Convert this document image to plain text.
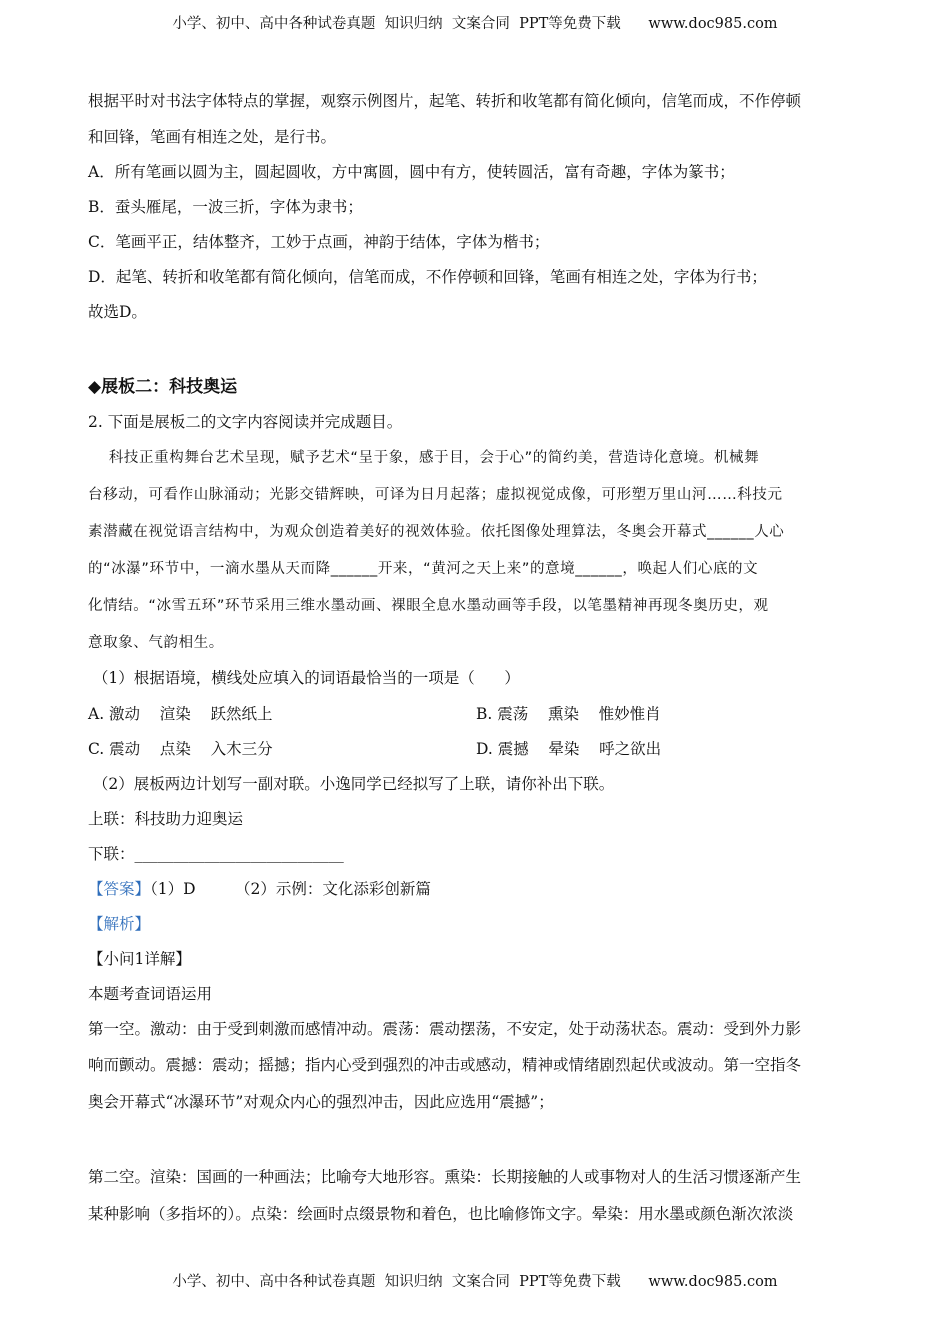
小学、初中、高中各种试卷真题  知识归纳  文案合同  PPT等免费下载      www.doc985.com
根据平时对书法字体特点的掌握，观察示例图片，起笔、转折和收笔都有简化倾向，信笔而成，不作停顿
和回锋，笔画有相连之处，是行书。
A．所有笔画以圆为主，圆起圆收，方中寓圆，圆中有方，使转圆活，富有奇趣，字体为篆书；
B．蚕头雁尾，一波三折，字体为隶书；
C．笔画平正，结体整齐，工妙于点画，神韵于结体，字体为楷书；
D．起笔、转折和收笔都有简化倾向，信笔而成，不作停顿和回锋，笔画有相连之处，字体为行书；
故选D。
◆展板二：科技奥运
2. 下面是展板二的文字内容阅读并完成题目。
科技正重构舞台艺术呈现，赋予艺术“呈于象，感于目，会于心”的简约美，营造诗化意境。机械舞
台移动，可看作山脉涌动；光影交错辉映，可译为日月起落；虚拟视觉成像，可形塑万里山河……科技元
素潜藏在视觉语言结构中，为观众创造着美好的视效体验。依托图像处理算法，冬奥会开幕式______人心
的“冰瀑”环节中，一滴水墨从天而降______开来，“黄河之天上来”的意境______，唤起人们心底的文
化情结。“冰雪五环”环节采用三维水墨动画、裸眼全息水墨动画等手段，以笔墨精神再现冬奥历史，观
意取象、气韵相生。
（1）根据语境，横线处应填入的词语最恰当的一项是（      ）
A. 激动    渲染    跃然纸上	B. 震荡    熏染    惟妙惟肖
C. 震动    点染    入木三分	D. 震撼    晕染    呼之欲出
（2）展板两边计划写一副对联。小逸同学已经拟写了上联，请你补出下联。
上联：科技助力迎奥运
下联：___________________________
【答案】（1）D        （2）示例：文化添彩创新篇
【解析】
【小问1详解】
本题考查词语运用
第一空。激动：由于受到刺激而感情冲动。震荡：震动摆荡，不安定，处于动荡状态。震动：受到外力影
响而颤动。震撼：震动；摇撼；指内心受到强烈的冲击或感动，精神或情绪剧烈起伏或波动。第一空指冬
奥会开幕式“冰瀑环节”对观众内心的强烈冲击，因此应选用“震撼”；
第二空。渲染：国画的一种画法；比喻夸大地形容。熏染：长期接触的人或事物对人的生活习惯逐渐产生
某种影响（多指坏的）。点染：绘画时点缀景物和着色，也比喻修饰文字。晕染：用水墨或颜色渐次浓淡
小学、初中、高中各种试卷真题  知识归纳  文案合同  PPT等免费下载      www.doc985.com
